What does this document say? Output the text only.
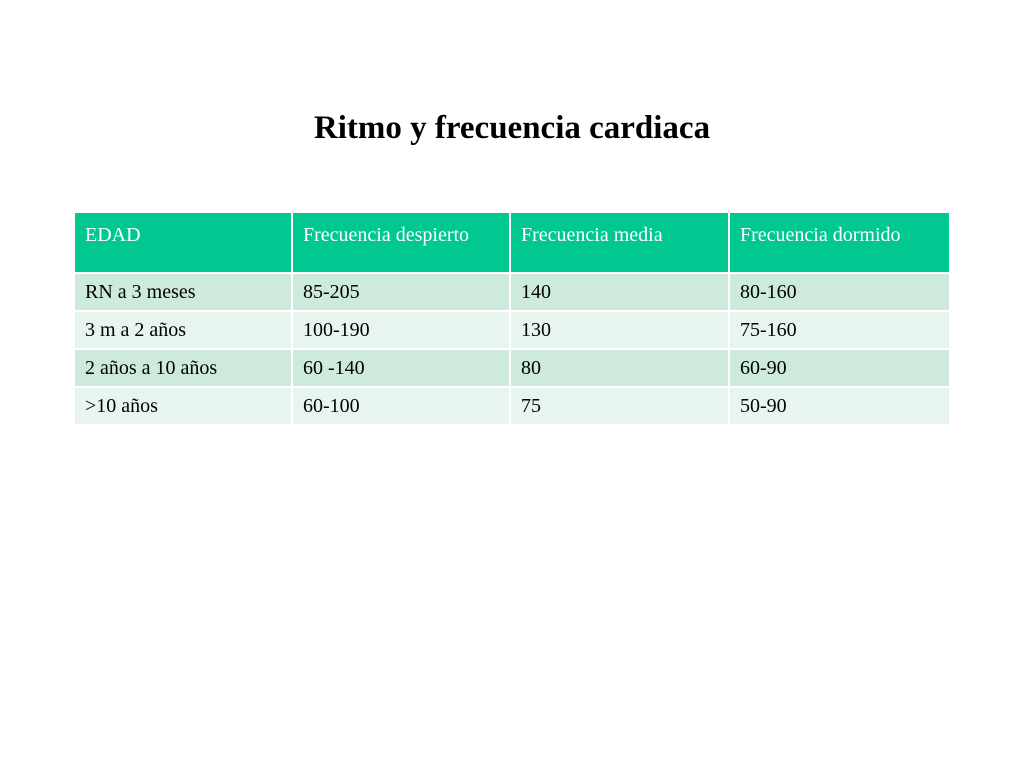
Ritmo y frecuencia cardiaca
EDAD	Frecuencia despierto	Frecuencia media	Frecuencia dormido
RN a 3 meses	85-205	140	80-160
3 m a 2 años	100-190	130	75-160
2 años a 10 años	60 -140	80	60-90
>10 años	60-100	75	50-90
